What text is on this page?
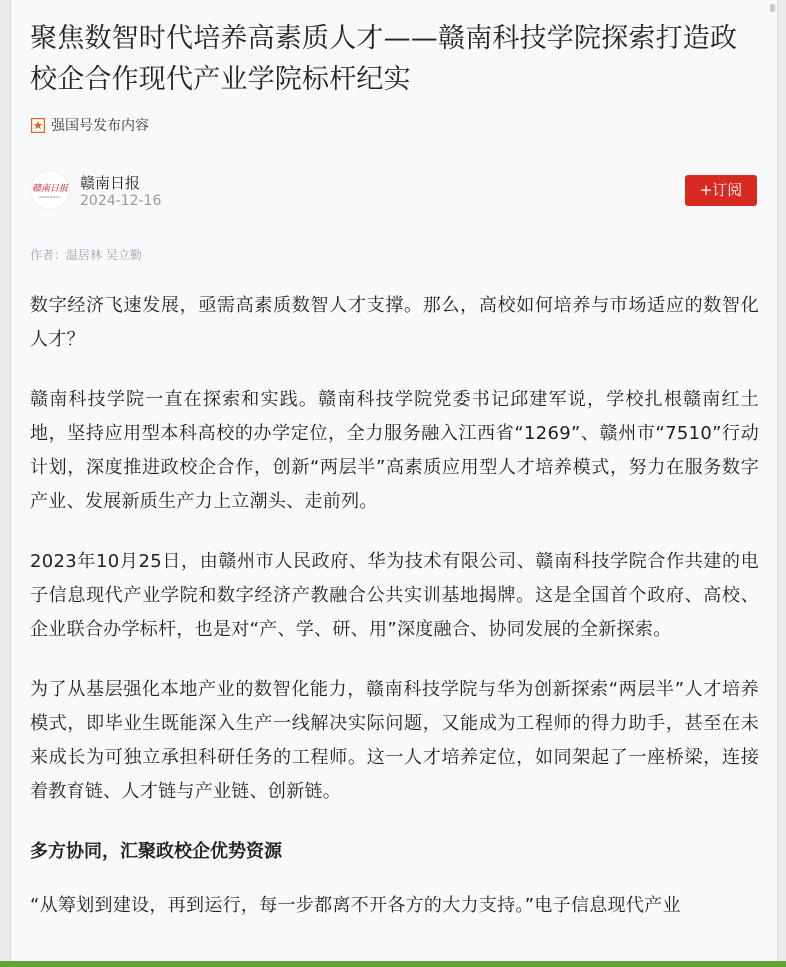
聚焦数智时代培养高素质人才——赣南科技学院探索打造政校企合作现代产业学院标杆纪实
强国号发布内容
赣南日报
GANNAN DAILY
赣南日报
2024-12-16
+订阅
作者：温居林 吴立勤

数字经济飞速发展，亟需高素质数智人才支撑。那么，高校如何培养与市场适应的数智化人才？

赣南科技学院一直在探索和实践。赣南科技学院党委书记邱建军说，学校扎根赣南红土地，坚持应用型本科高校的办学定位，全力服务融入江西省“1269”、赣州市“7510”行动计划，深度推进政校企合作，创新“两层半”高素质应用型人才培养模式，努力在服务数字产业、发展新质生产力上立潮头、走前列。

2023年10月25日，由赣州市人民政府、华为技术有限公司、赣南科技学院合作共建的电子信息现代产业学院和数字经济产教融合公共实训基地揭牌。这是全国首个政府、高校、企业联合办学标杆，也是对“产、学、研、用”深度融合、协同发展的全新探索。

为了从基层强化本地产业的数智化能力，赣南科技学院与华为创新探索“两层半”人才培养模式，即毕业生既能深入生产一线解决实际问题，又能成为工程师的得力助手，甚至在未来成长为可独立承担科研任务的工程师。这一人才培养定位，如同架起了一座桥梁，连接着教育链、人才链与产业链、创新链。

多方协同，汇聚政校企优势资源

“从筹划到建设，再到运行，每一步都离不开各方的大力支持。”电子信息现代产业
